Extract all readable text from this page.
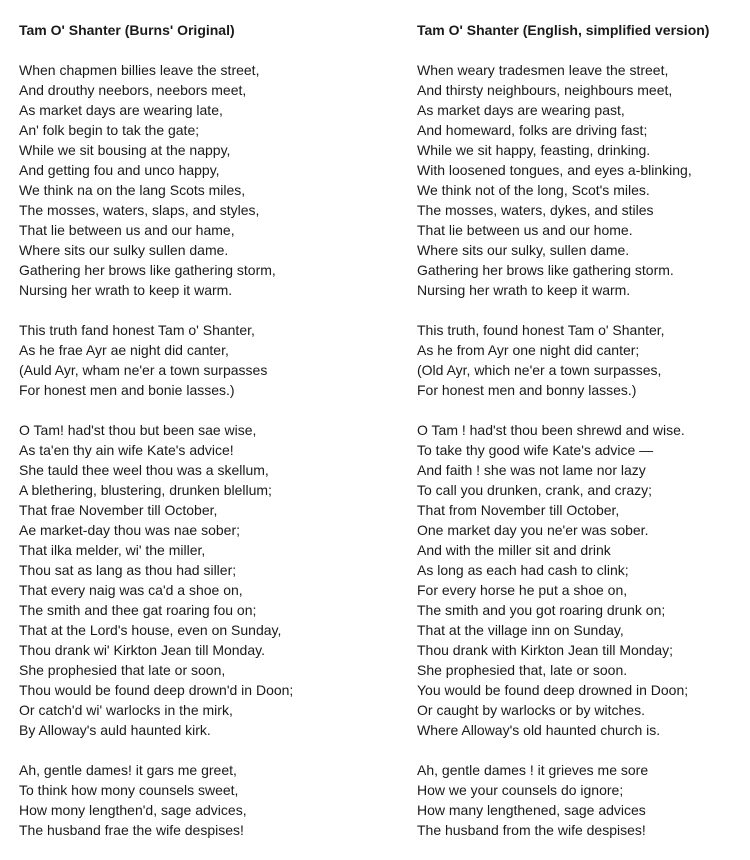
Tam O' Shanter (Burns' Original)
When chapmen billies leave the street,
And drouthy neebors, neebors meet,
As market days are wearing late,
An' folk begin to tak the gate;
While we sit bousing at the nappy,
And getting fou and unco happy,
We think na on the lang Scots miles,
The mosses, waters, slaps, and styles,
That lie between us and our hame,
Where sits our sulky sullen dame.
Gathering her brows like gathering storm,
Nursing her wrath to keep it warm.
This truth fand honest Tam o' Shanter,
As he frae Ayr ae night did canter,
(Auld Ayr, wham ne'er a town surpasses
For honest men and bonie lasses.)
O Tam! had'st thou but been sae wise,
As ta'en thy ain wife Kate's advice!
She tauld thee weel thou was a skellum,
A blethering, blustering, drunken blellum;
That frae November till October,
Ae market-day thou was nae sober;
That ilka melder, wi' the miller,
Thou sat as lang as thou had siller;
That every naig was ca'd a shoe on,
The smith and thee gat roaring fou on;
That at the Lord's house, even on Sunday,
Thou drank wi' Kirkton Jean till Monday.
She prophesied that late or soon,
Thou would be found deep drown'd in Doon;
Or catch'd wi' warlocks in the mirk,
By Alloway's auld haunted kirk.
Ah, gentle dames! it gars me greet,
To think how mony counsels sweet,
How mony lengthen'd, sage advices,
The husband frae the wife despises!
Tam O' Shanter (English, simplified version)
When weary tradesmen leave the street,
And thirsty neighbours, neighbours meet,
As market days are wearing past,
And homeward, folks are driving fast;
While we sit happy, feasting, drinking.
With loosened tongues, and eyes a-blinking,
We think not of the long, Scot's miles.
The mosses, waters, dykes, and stiles
That lie between us and our home.
Where sits our sulky, sullen dame.
Gathering her brows like gathering storm.
Nursing her wrath to keep it warm.
This truth, found honest Tam o' Shanter,
As he from Ayr one night did canter;
(Old Ayr, which ne'er a town surpasses,
For honest men and bonny lasses.)
O Tam ! had'st thou been shrewd and wise.
To take thy good wife Kate's advice —
And faith ! she was not lame nor lazy
To call you drunken, crank, and crazy;
That from November till October,
One market day you ne'er was sober.
And with the miller sit and drink
As long as each had cash to clink;
For every horse he put a shoe on,
The smith and you got roaring drunk on;
That at the village inn on Sunday,
Thou drank with Kirkton Jean till Monday;
She prophesied that, late or soon.
You would be found deep drowned in Doon;
Or caught by warlocks or by witches.
Where Alloway's old haunted church is.
Ah, gentle dames ! it grieves me sore
How we your counsels do ignore;
How many lengthened, sage advices
The husband from the wife despises!
